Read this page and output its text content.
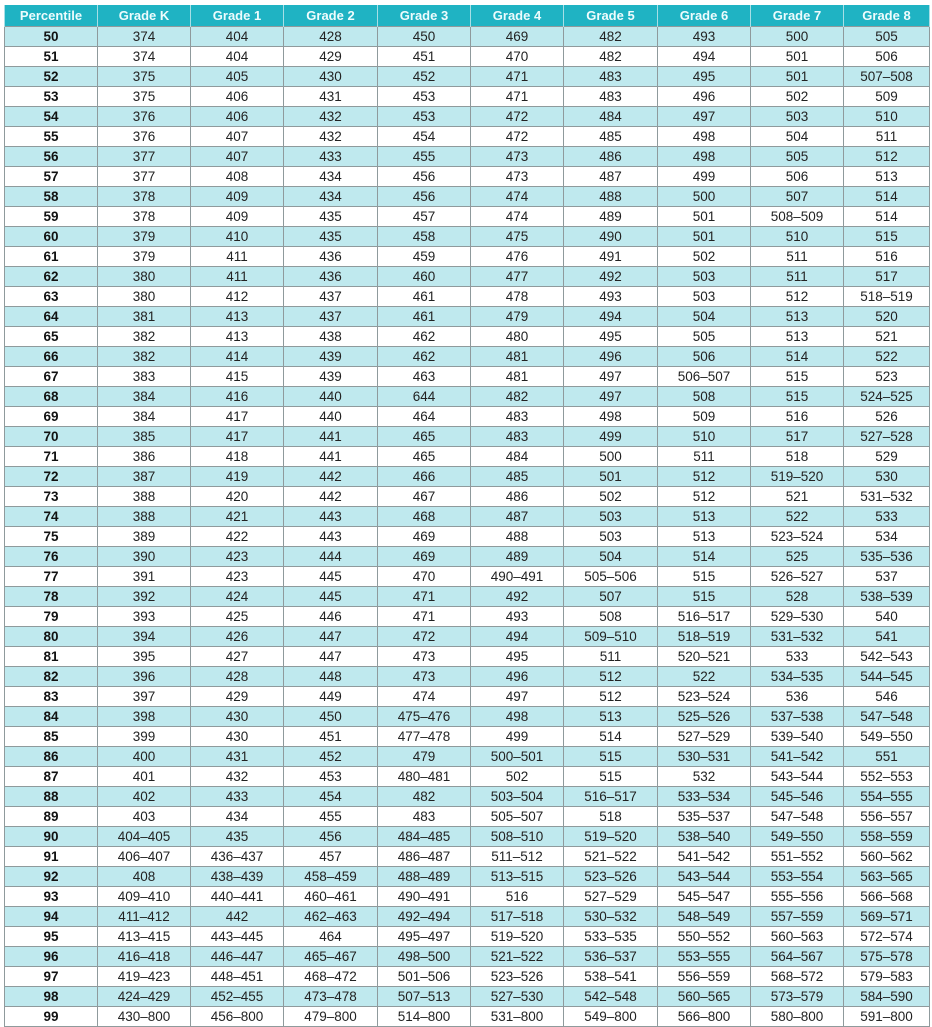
Percentile	Grade K	Grade 1	Grade 2	Grade 3	Grade 4	Grade 5	Grade 6	Grade 7	Grade 8
50	374	404	428	450	469	482	493	500	505
51	374	404	429	451	470	482	494	501	506
52	375	405	430	452	471	483	495	501	507–508
53	375	406	431	453	471	483	496	502	509
54	376	406	432	453	472	484	497	503	510
55	376	407	432	454	472	485	498	504	511
56	377	407	433	455	473	486	498	505	512
57	377	408	434	456	473	487	499	506	513
58	378	409	434	456	474	488	500	507	514
59	378	409	435	457	474	489	501	508–509	514
60	379	410	435	458	475	490	501	510	515
61	379	411	436	459	476	491	502	511	516
62	380	411	436	460	477	492	503	511	517
63	380	412	437	461	478	493	503	512	518–519
64	381	413	437	461	479	494	504	513	520
65	382	413	438	462	480	495	505	513	521
66	382	414	439	462	481	496	506	514	522
67	383	415	439	463	481	497	506–507	515	523
68	384	416	440	644	482	497	508	515	524–525
69	384	417	440	464	483	498	509	516	526
70	385	417	441	465	483	499	510	517	527–528
71	386	418	441	465	484	500	511	518	529
72	387	419	442	466	485	501	512	519–520	530
73	388	420	442	467	486	502	512	521	531–532
74	388	421	443	468	487	503	513	522	533
75	389	422	443	469	488	503	513	523–524	534
76	390	423	444	469	489	504	514	525	535–536
77	391	423	445	470	490–491	505–506	515	526–527	537
78	392	424	445	471	492	507	515	528	538–539
79	393	425	446	471	493	508	516–517	529–530	540
80	394	426	447	472	494	509–510	518–519	531–532	541
81	395	427	447	473	495	511	520–521	533	542–543
82	396	428	448	473	496	512	522	534–535	544–545
83	397	429	449	474	497	512	523–524	536	546
84	398	430	450	475–476	498	513	525–526	537–538	547–548
85	399	430	451	477–478	499	514	527–529	539–540	549–550
86	400	431	452	479	500–501	515	530–531	541–542	551
87	401	432	453	480–481	502	515	532	543–544	552–553
88	402	433	454	482	503–504	516–517	533–534	545–546	554–555
89	403	434	455	483	505–507	518	535–537	547–548	556–557
90	404–405	435	456	484–485	508–510	519–520	538–540	549–550	558–559
91	406–407	436–437	457	486–487	511–512	521–522	541–542	551–552	560–562
92	408	438–439	458–459	488–489	513–515	523–526	543–544	553–554	563–565
93	409–410	440–441	460–461	490–491	516	527–529	545–547	555–556	566–568
94	411–412	442	462–463	492–494	517–518	530–532	548–549	557–559	569–571
95	413–415	443–445	464	495–497	519–520	533–535	550–552	560–563	572–574
96	416–418	446–447	465–467	498–500	521–522	536–537	553–555	564–567	575–578
97	419–423	448–451	468–472	501–506	523–526	538–541	556–559	568–572	579–583
98	424–429	452–455	473–478	507–513	527–530	542–548	560–565	573–579	584–590
99	430–800	456–800	479–800	514–800	531–800	549–800	566–800	580–800	591–800
